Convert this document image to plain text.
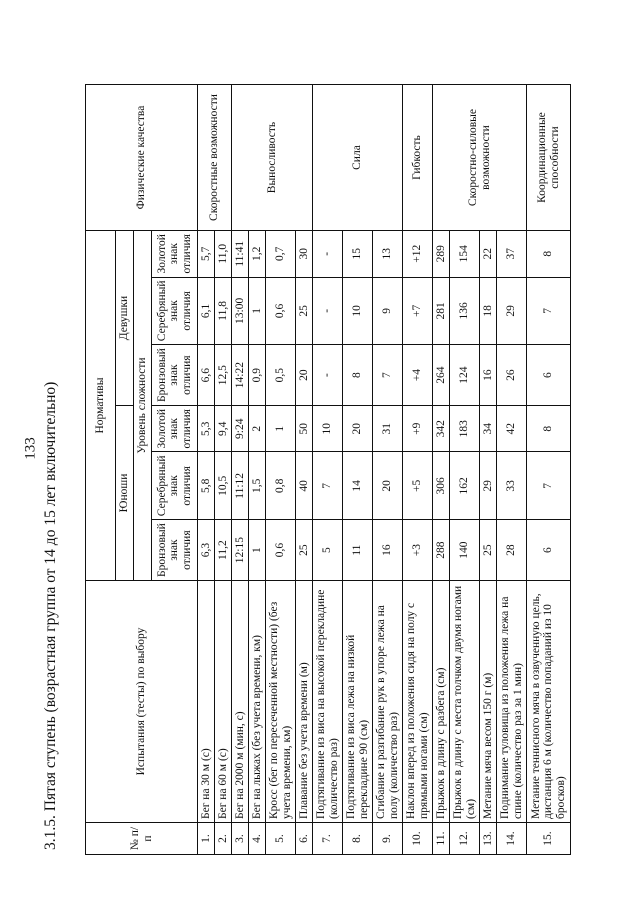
133 3.1.5. Пятая ступень (возрастная группа от 14 до 15 лет включительно)	№ п/п	Испытания (тесты) по выбору	Нормативы						Физические качества
		Юноши			Девушки			
		Уровень сложности						
		Бронзовый знак отличия	Серебряный знак отличия	Золотой знак отличия	Бронзовый знак отличия	Серебряный знак отличия	Золотой знак отличия	
1.	Бег на 30 м (с)	6,3	5,8	5,3	6,6	6,1	5,7	Скоростные возможности
2.	Бег на 60 м (с)	11,2	10,5	9,4	12,5	11,8	11,0	
3.	Бег на 2000 м (мин, с)	12:15	11:12	9:24	14:22	13:00	11:41	Выносливость
4.	Бег на лыжах (без учета времени, км)	1	1,5	2	0,9	1	1,2	
5.	Кросс (бег по пересеченной местности) (без учета времени, км)	0,6	0,8	1	0,5	0,6	0,7	
6.	Плавание без учета времени (м)	25	40	50	20	25	30	
7.	Подтягивание из виса на высокой перекладине (количество раз)	5	7	10	-	-	-	Сила
8.	Подтягивание из виса лежа на низкой перекладине 90 (см)	11	14	20	8	10	15	
9.	Сгибание и разгибание рук в упоре лежа на полу (количество раз)	16	20	31	7	9	13	
10.	Наклон вперед из положения сидя на полу с прямыми ногами (см)	+3	+5	+9	+4	+7	+12	Гибкость
11.	Прыжок в длину с разбега (см)	288	306	342	264	281	289	Скоростно-силовые возможности
12.	Прыжок в длину с места толчком двумя ногами (см)	140	162	183	124	136	154	
13.	Метание мяча весом 150 г (м)	25	29	34	16	18	22	
14.	Поднимание туловища из положения лежа на спине (количество раз за 1 мин)	28	33	42	26	29	37	
15.	Метание теннисного мяча в озвученную цель, дистанция 6 м (количество попаданий из 10 бросков)	6	7	8	6	7	8	Координационные способности
